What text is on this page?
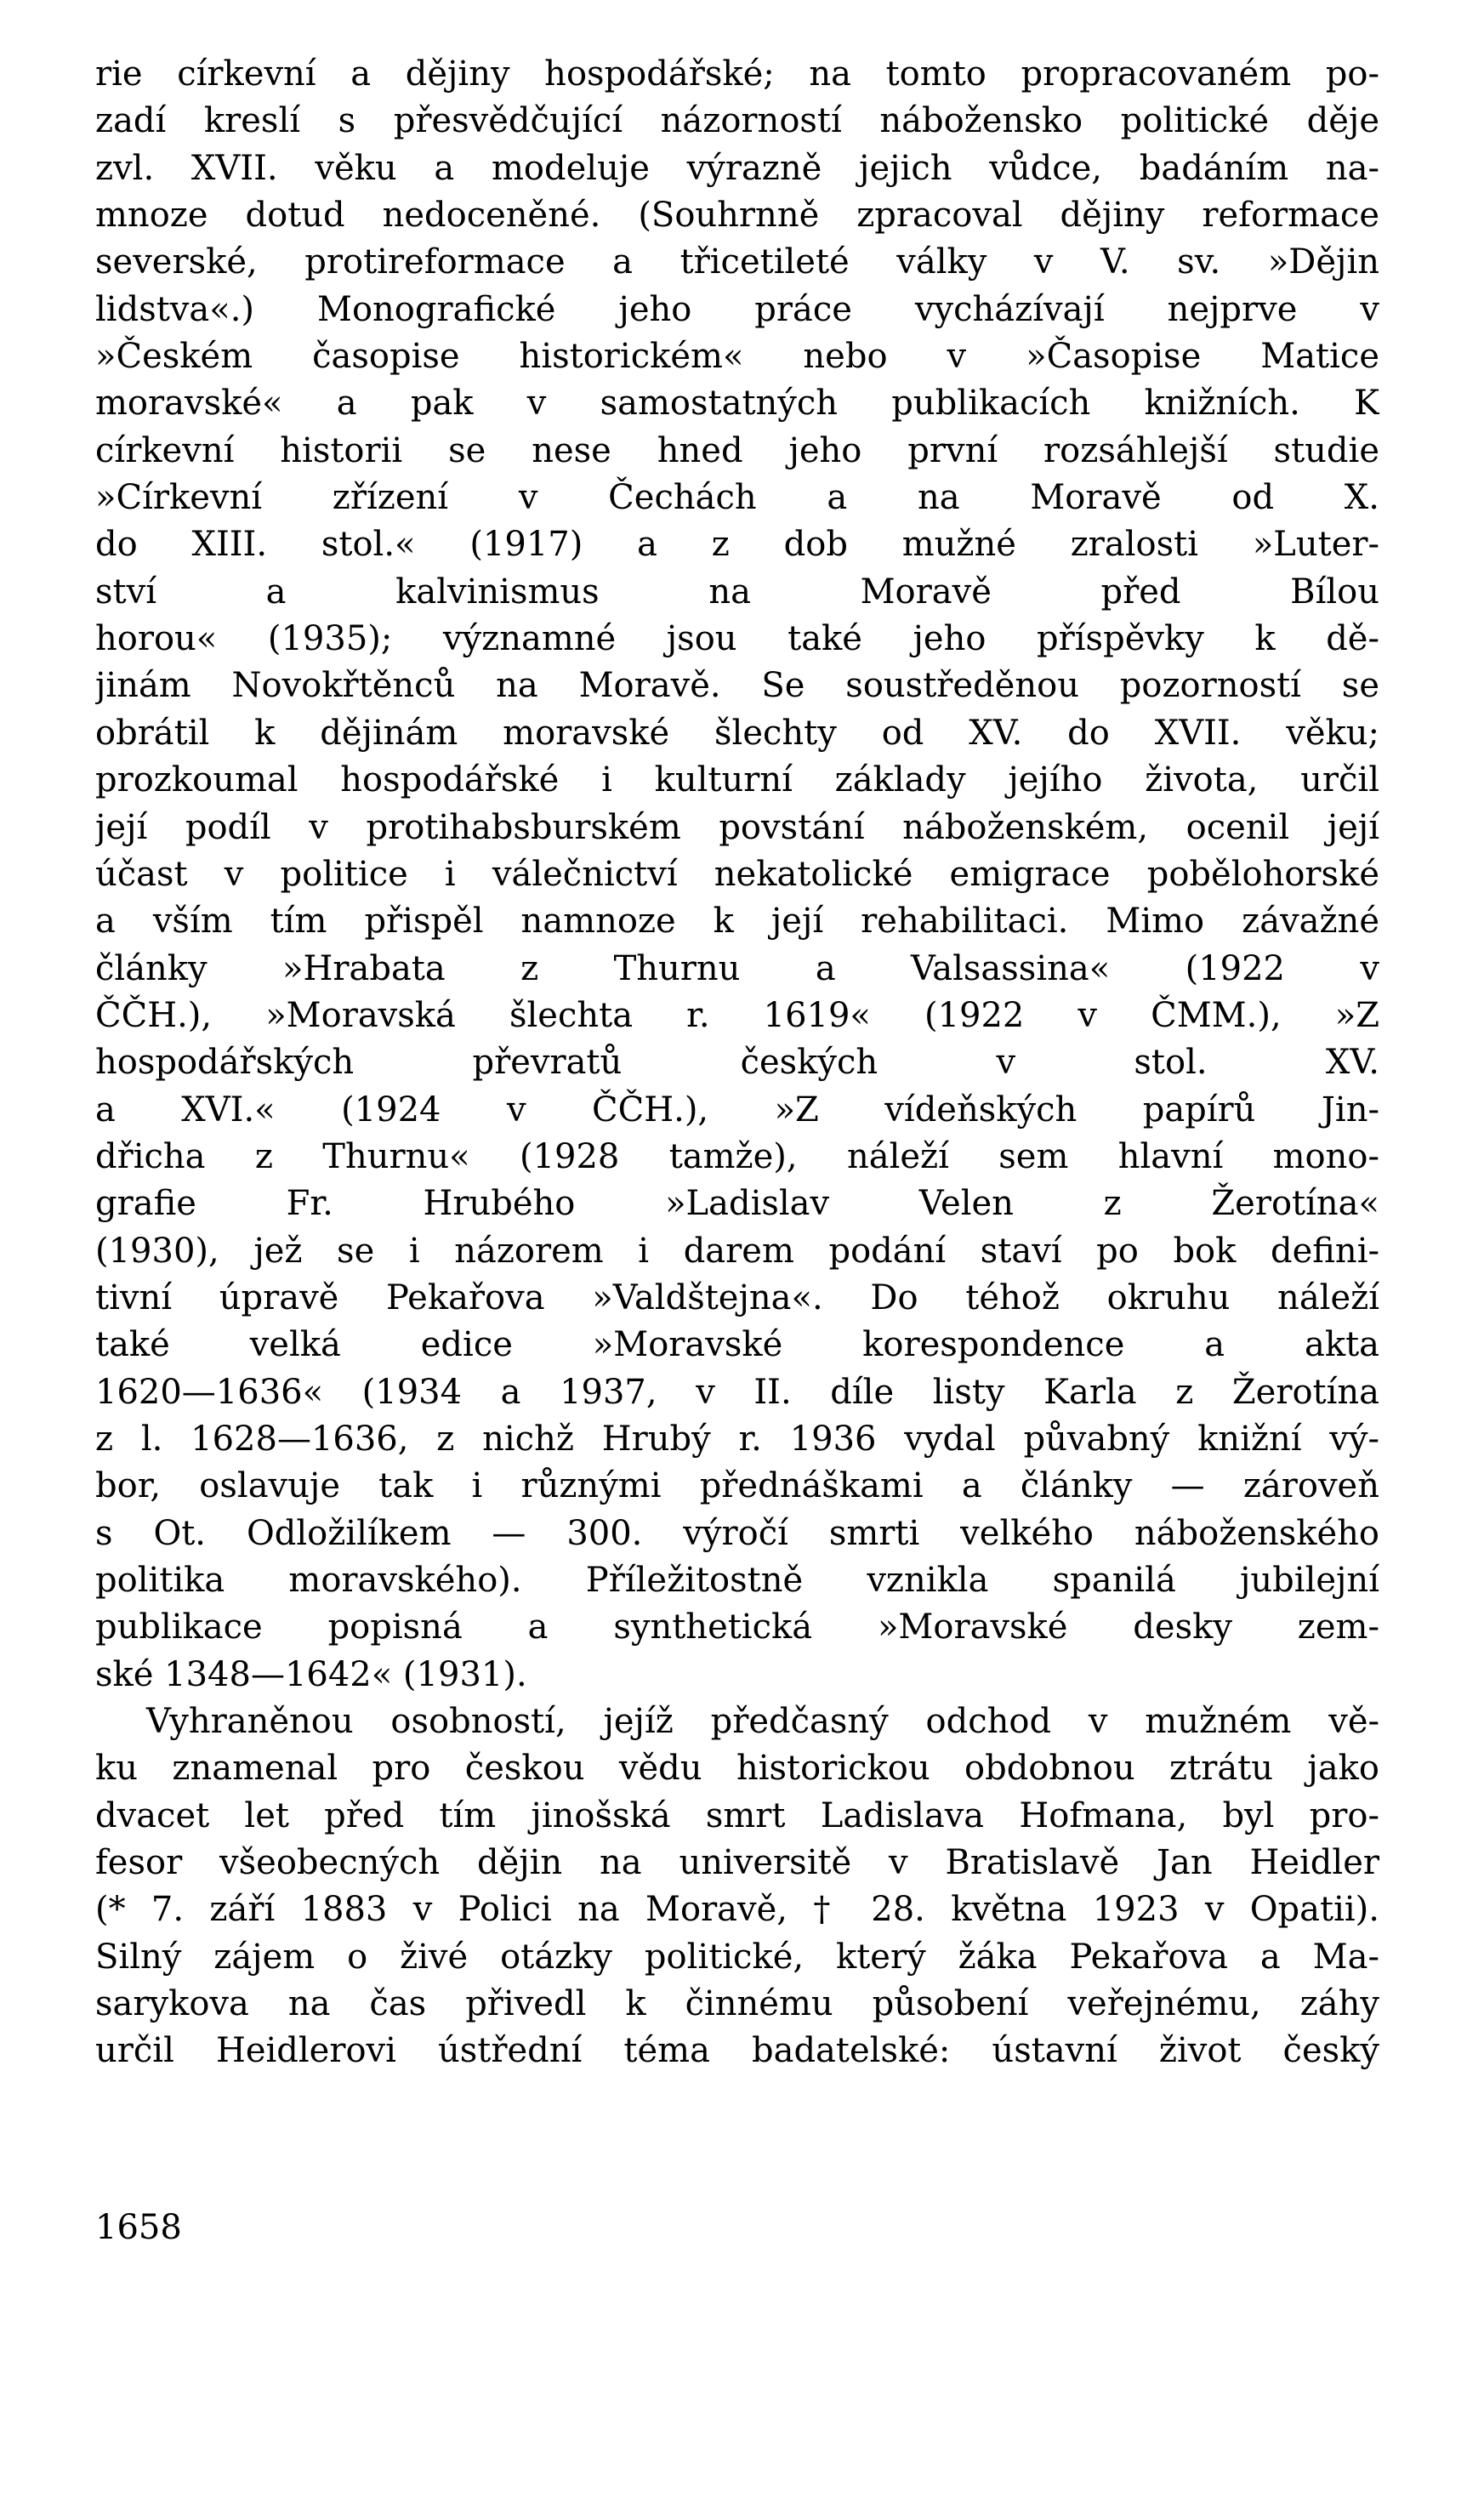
rie církevní a dějiny hospodářské; na tomto propracovaném po-
zadí kreslí s přesvědčující názorností nábožensko politické děje
zvl. XVII. věku a modeluje výrazně jejich vůdce, badáním na-
mnoze dotud nedoceněné. (Souhrnně zpracoval dějiny reformace
severské, protireformace a třicetileté války v V. sv. »Dějin
lidstva«.) Monografické jeho práce vycházívají nejprve v
»Českém časopise historickém« nebo v »Časopise Matice
moravské« a pak v samostatných publikacích knižních. K
církevní historii se nese hned jeho první rozsáhlejší studie
»Církevní zřízení v Čechách a na Moravě od X.
do XIII. stol.« (1917) a z dob mužné zralosti »Luter-
ství a kalvinismus na Moravě před Bílou
horou« (1935); významné jsou také jeho příspěvky k dě-
jinám Novokřtěnců na Moravě. Se soustředěnou pozorností se
obrátil k dějinám moravské šlechty od XV. do XVII. věku;
prozkoumal hospodářské i kulturní základy jejího života, určil
její podíl v protihabsburském povstání náboženském, ocenil její
účast v politice i válečnictví nekatolické emigrace pobělohorské
a vším tím přispěl namnoze k její rehabilitaci. Mimo závažné
články »Hrabata z Thurnu a Valsassina« (1922 v
ČČH.), »Moravská šlechta r. 1619« (1922 v ČMM.), »Z
hospodářských převratů českých v stol. XV.
a XVI.« (1924 v ČČH.), »Z vídeňských papírů Jin-
dřicha z Thurnu« (1928 tamže), náleží sem hlavní mono-
grafie Fr. Hrubého »Ladislav Velen z Žerotína«
(1930), jež se i názorem i darem podání staví po bok defini-
tivní úpravě Pekařova »Valdštejna«. Do téhož okruhu náleží
také velká edice »Moravské korespondence a akta
1620—1636« (1934 a 1937, v II. díle listy Karla z Žerotína
z l. 1628—1636, z nichž Hrubý r. 1936 vydal půvabný knižní vý-
bor, oslavuje tak i různými přednáškami a články — zároveň
s Ot. Odložilíkem — 300. výročí smrti velkého náboženského
politika moravského). Příležitostně vznikla spanilá jubilejní
publikace popisná a synthetická »Moravské desky zem-
ské 1348—1642« (1931).
Vyhraněnou osobností, jejíž předčasný odchod v mužném vě-
ku znamenal pro českou vědu historickou obdobnou ztrátu jako
dvacet let před tím jinošská smrt Ladislava Hofmana, byl pro-
fesor všeobecných dějin na universitě v Bratislavě Jan Heidler
(* 7. září 1883 v Polici na Moravě, † 28. května 1923 v Opatii).
Silný zájem o živé otázky politické, který žáka Pekařova a Ma-
sarykova na čas přivedl k činnému působení veřejnému, záhy
určil Heidlerovi ústřední téma badatelské: ústavní život český
1658
